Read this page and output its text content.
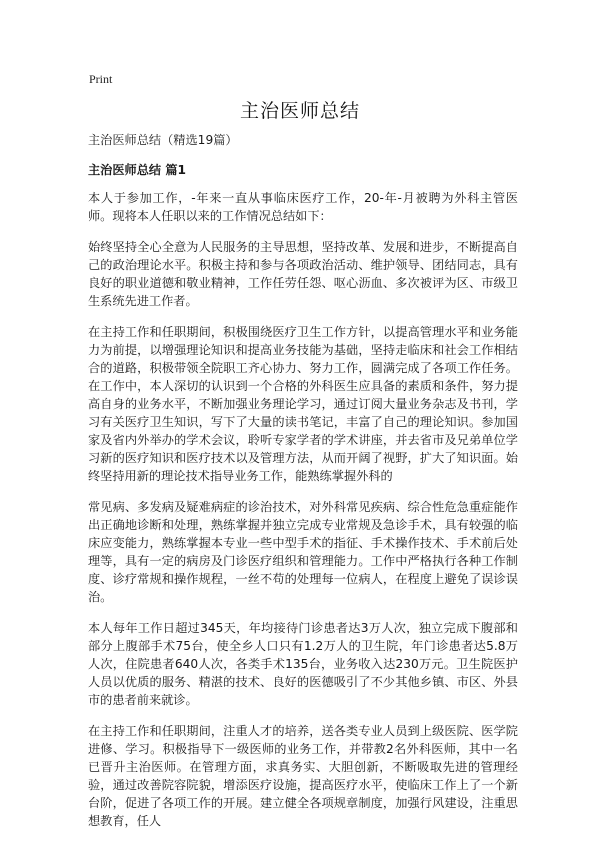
Print
主治医师总结

主治医师总结（精选19篇）

主治医师总结 篇1

本人于参加工作，-年来一直从事临床医疗工作，20-年-月被聘为外科主管医师。现将本人任职以来的工作情况总结如下：

始终坚持全心全意为人民服务的主导思想，坚持改革、发展和进步，不断提高自己的政治理论水平。积极主持和参与各项政治活动、维护领导、团结同志，具有良好的职业道德和敬业精神，工作任劳任怨、呕心沥血、多次被评为区、市级卫生系统先进工作者。

在主持工作和任职期间，积极围绕医疗卫生工作方针，以提高管理水平和业务能力为前提，以增强理论知识和提高业务技能为基础，坚持走临床和社会工作相结合的道路，积极带领全院职工齐心协力、努力工作，圆满完成了各项工作任务。在工作中，本人深切的认识到一个合格的外科医生应具备的素质和条件，努力提高自身的业务水平，不断加强业务理论学习，通过订阅大量业务杂志及书刊，学习有关医疗卫生知识，写下了大量的读书笔记，丰富了自己的理论知识。参加国家及省内外举办的学术会议，聆听专家学者的学术讲座，并去省市及兄弟单位学习新的医疗知识和医疗技术以及管理方法，从而开阔了视野，扩大了知识面。始终坚持用新的理论技术指导业务工作，能熟练掌握外科的

常见病、多发病及疑难病症的诊治技术，对外科常见疾病、综合性危急重症能作出正确地诊断和处理，熟练掌握并独立完成专业常规及急诊手术，具有较强的临床应变能力，熟练掌握本专业一些中型手术的指征、手术操作技术、手术前后处理等，具有一定的病房及门诊医疗组织和管理能力。工作中严格执行各种工作制度、诊疗常规和操作规程，一丝不苟的处理每一位病人，在程度上避免了误诊误治。

本人每年工作日超过345天，年均接待门诊患者达3万人次，独立完成下腹部和部分上腹部手术75台，使全乡人口只有1.2万人的卫生院，年门诊患者达5.8万人次，住院患者640人次，各类手术135台，业务收入达230万元。卫生院医护人员以优质的服务、精湛的技术、良好的医德吸引了不少其他乡镇、市区、外县市的患者前来就诊。

在主持工作和任职期间，注重人才的培养，送各类专业人员到上级医院、医学院进修、学习。积极指导下一级医师的业务工作，并带教2名外科医师，其中一名已晋升主治医师。在管理方面，求真务实、大胆创新，不断吸取先进的管理经验，通过改善院容院貌，增添医疗设施，提高医疗水平，使临床工作上了一个新台阶，促进了各项工作的开展。建立健全各项规章制度，加强行风建设，注重思想教育，任人
